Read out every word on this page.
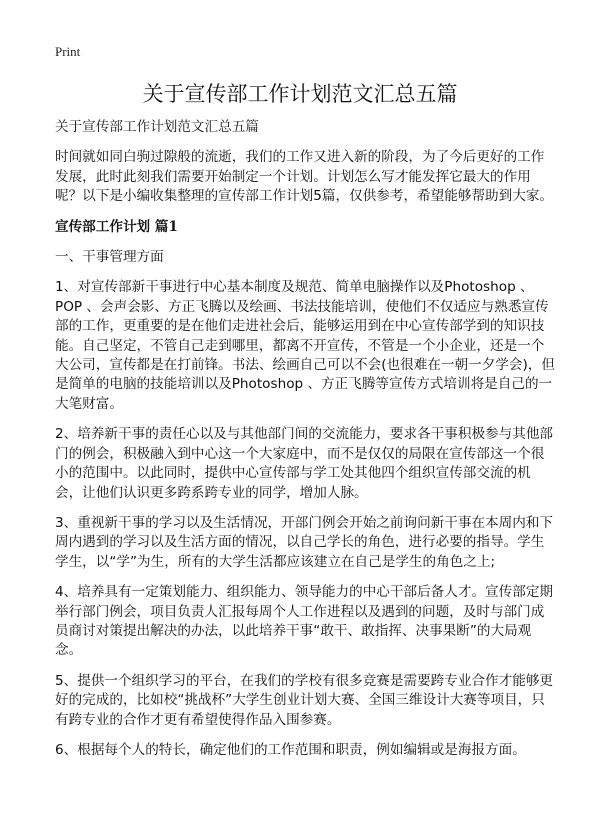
Print
关于宣传部工作计划范文汇总五篇

关于宣传部工作计划范文汇总五篇

时间就如同白驹过隙般的流逝，我们的工作又进入新的阶段，为了今后更好的工作发展，此时此刻我们需要开始制定一个计划。计划怎么写才能发挥它最大的作用呢？以下是小编收集整理的宣传部工作计划5篇，仅供参考，希望能够帮助到大家。

宣传部工作计划 篇1

一、干事管理方面

1、对宣传部新干事进行中心基本制度及规范、简单电脑操作以及Photoshop 、POP 、会声会影、方正飞腾以及绘画、书法技能培训，使他们不仅适应与熟悉宣传部的工作，更重要的是在他们走进社会后，能够运用到在中心宣传部学到的知识技能。自己坚定，不管自己走到哪里，都离不开宣传，不管是一个小企业，还是一个大公司，宣传都是在打前锋。书法、绘画自己可以不会(也很难在一朝一夕学会)，但是简单的电脑的技能培训以及Photoshop 、方正飞腾等宣传方式培训将是自己的一大笔财富。

2、培养新干事的责任心以及与其他部门间的交流能力，要求各干事积极参与其他部门的例会，积极融入到中心这一个大家庭中，而不是仅仅的局限在宣传部这一个很小的范围中。以此同时，提供中心宣传部与学工处其他四个组织宣传部交流的机会，让他们认识更多跨系跨专业的同学，增加人脉。

3、重视新干事的学习以及生活情况，开部门例会开始之前询问新干事在本周内和下周内遇到的学习以及生活方面的情况，以自己学长的角色，进行必要的指导。学生学生，以“学”为生，所有的大学生活都应该建立在自己是学生的角色之上;

4、培养具有一定策划能力、组织能力、领导能力的中心干部后备人才。宣传部定期举行部门例会，项目负责人汇报每周个人工作进程以及遇到的问题，及时与部门成员商讨对策提出解决的办法，以此培养干事“敢干、敢指挥、决事果断”的大局观念。

5、提供一个组织学习的平台，在我们的学校有很多竞赛是需要跨专业合作才能够更好的完成的，比如校“挑战杯”大学生创业计划大赛、全国三维设计大赛等项目，只有跨专业的合作才更有希望使得作品入围参赛。

6、根据每个人的特长，确定他们的工作范围和职责，例如编辑或是海报方面。
